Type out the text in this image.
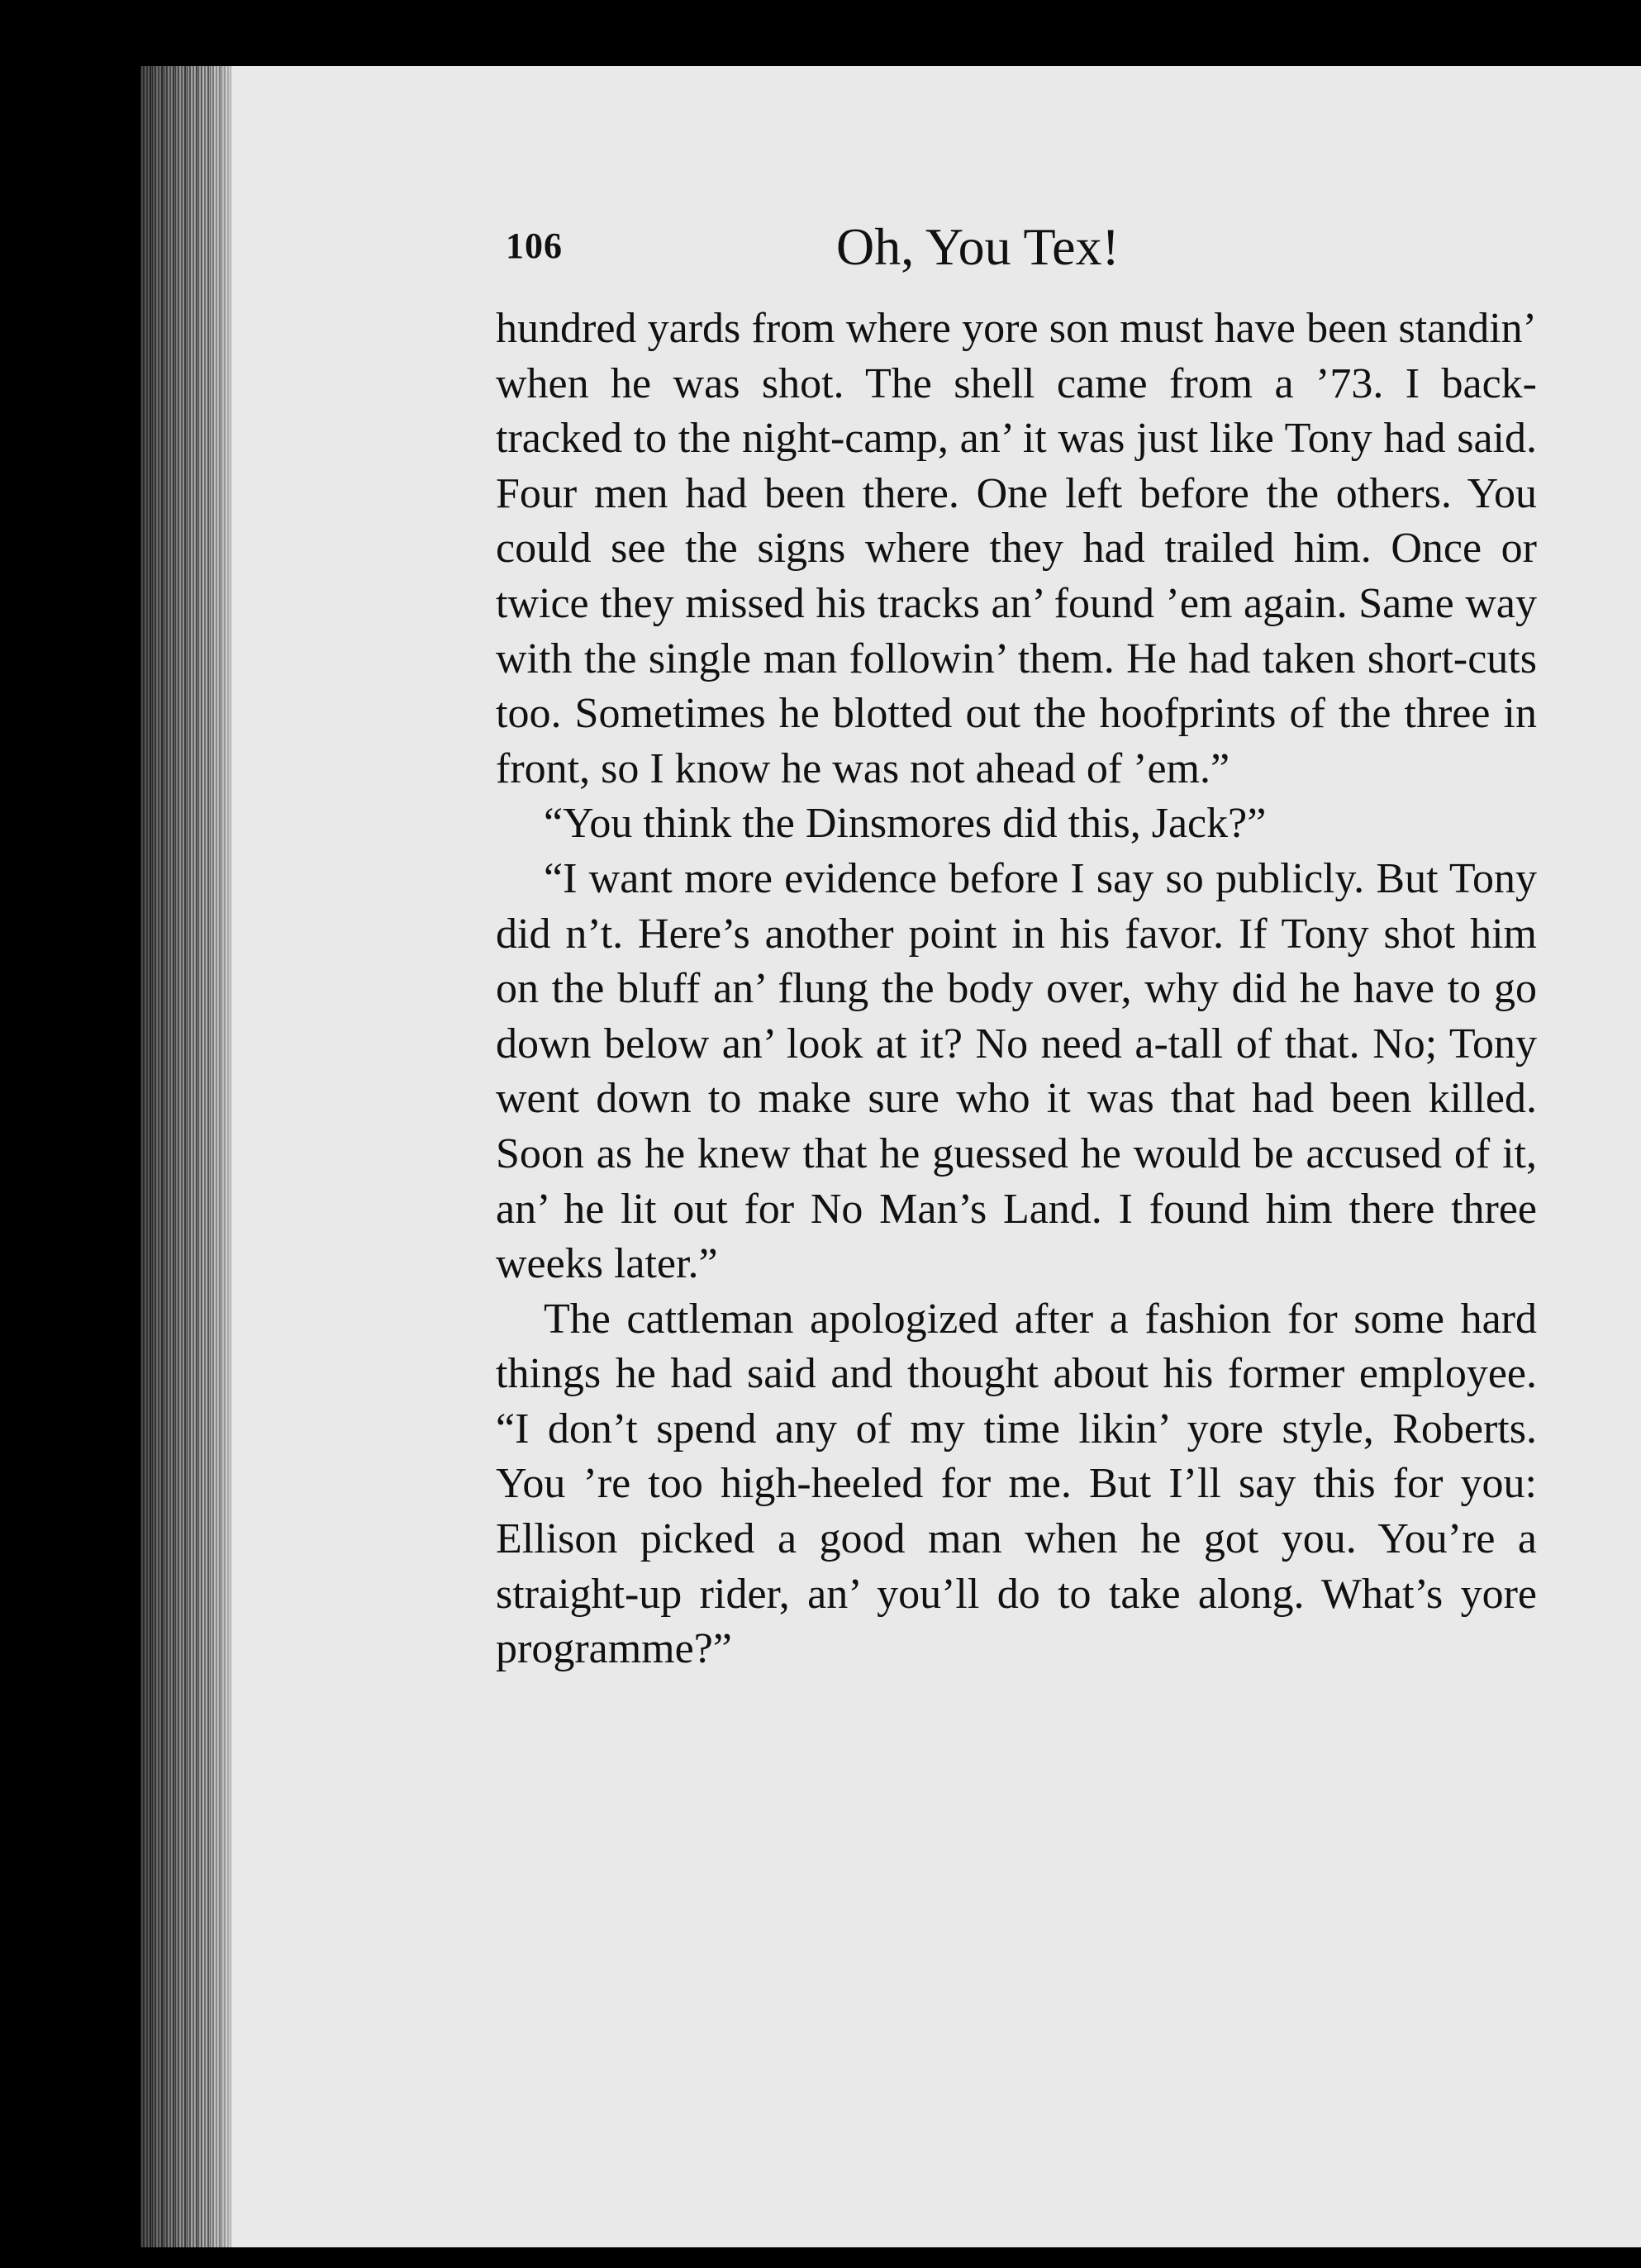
106	Oh, You Tex!

hundred yards from where yore son must have been standin’ when he was shot. The shell came from a ’73. I back-tracked to the night-camp, an’ it was just like Tony had said. Four men had been there. One left before the others. You could see the signs where they had trailed him. Once or twice they missed his tracks an’ found ’em again. Same way with the single man followin’ them. He had taken short-cuts too. Sometimes he blotted out the hoofprints of the three in front, so I know he was not ahead of ’em.”

“You think the Dinsmores did this, Jack?”

“I want more evidence before I say so publicly. But Tony did n’t. Here’s another point in his favor. If Tony shot him on the bluff an’ flung the body over, why did he have to go down below an’ look at it? No need a-tall of that. No; Tony went down to make sure who it was that had been killed. Soon as he knew that he guessed he would be accused of it, an’ he lit out for No Man’s Land. I found him there three weeks later.”

The cattleman apologized after a fashion for some hard things he had said and thought about his former employee. “I don’t spend any of my time likin’ yore style, Roberts. You ’re too high-heeled for me. But I’ll say this for you: Ellison picked a good man when he got you. You’re a straight-up rider, an’ you’ll do to take along. What’s yore programme?”
